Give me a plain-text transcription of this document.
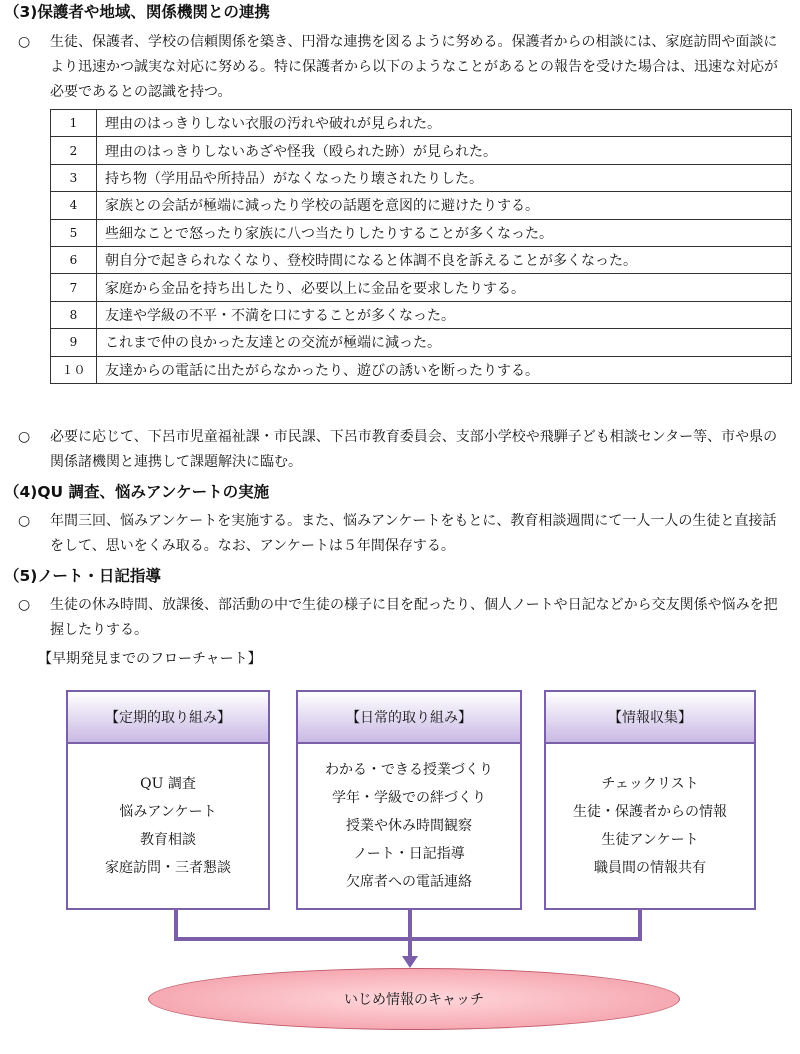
（3)保護者や地域、関係機関との連携
○	生徒、保護者、学校の信頼関係を築き、円滑な連携を図るように努める。保護者からの相談には、家庭訪問や面談により迅速かつ誠実な対応に努める。特に保護者から以下のようなことがあるとの報告を受けた場合は、迅速な対応が必要であるとの認識を持つ。
1	理由のはっきりしない衣服の汚れや破れが見られた。
2	理由のはっきりしないあざや怪我（殴られた跡）が見られた。
3	持ち物（学用品や所持品）がなくなったり壊されたりした。
4	家族との会話が極端に減ったり学校の話題を意図的に避けたりする。
5	些細なことで怒ったり家族に八つ当たりしたりすることが多くなった。
6	朝自分で起きられなくなり、登校時間になると体調不良を訴えることが多くなった。
7	家庭から金品を持ち出したり、必要以上に金品を要求したりする。
8	友達や学級の不平・不満を口にすることが多くなった。
9	これまで仲の良かった友達との交流が極端に減った。
１０	友達からの電話に出たがらなかったり、遊びの誘いを断ったりする。
○	必要に応じて、下呂市児童福祉課・市民課、下呂市教育委員会、支部小学校や飛騨子ども相談センター等、市や県の関係諸機関と連携して課題解決に臨む。
（4)QU 調査、悩みアンケートの実施
○	年間三回、悩みアンケートを実施する。また、悩みアンケートをもとに、教育相談週間にて一人一人の生徒と直接話をして、思いをくみ取る。なお、アンケートは５年間保存する。
（5)ノート・日記指導
○	生徒の休み時間、放課後、部活動の中で生徒の様子に目を配ったり、個人ノートや日記などから交友関係や悩みを把握したりする。
【早期発見までのフローチャート】
【定期的取り組み】
QU 調査
悩みアンケート
教育相談
家庭訪問・三者懇談
【日常的取り組み】
わかる・できる授業づくり
学年・学級での絆づくり
授業や休み時間観察
ノート・日記指導
欠席者への電話連絡
【情報収集】
チェックリスト
生徒・保護者からの情報
生徒アンケート
職員間の情報共有
いじめ情報のキャッチ
